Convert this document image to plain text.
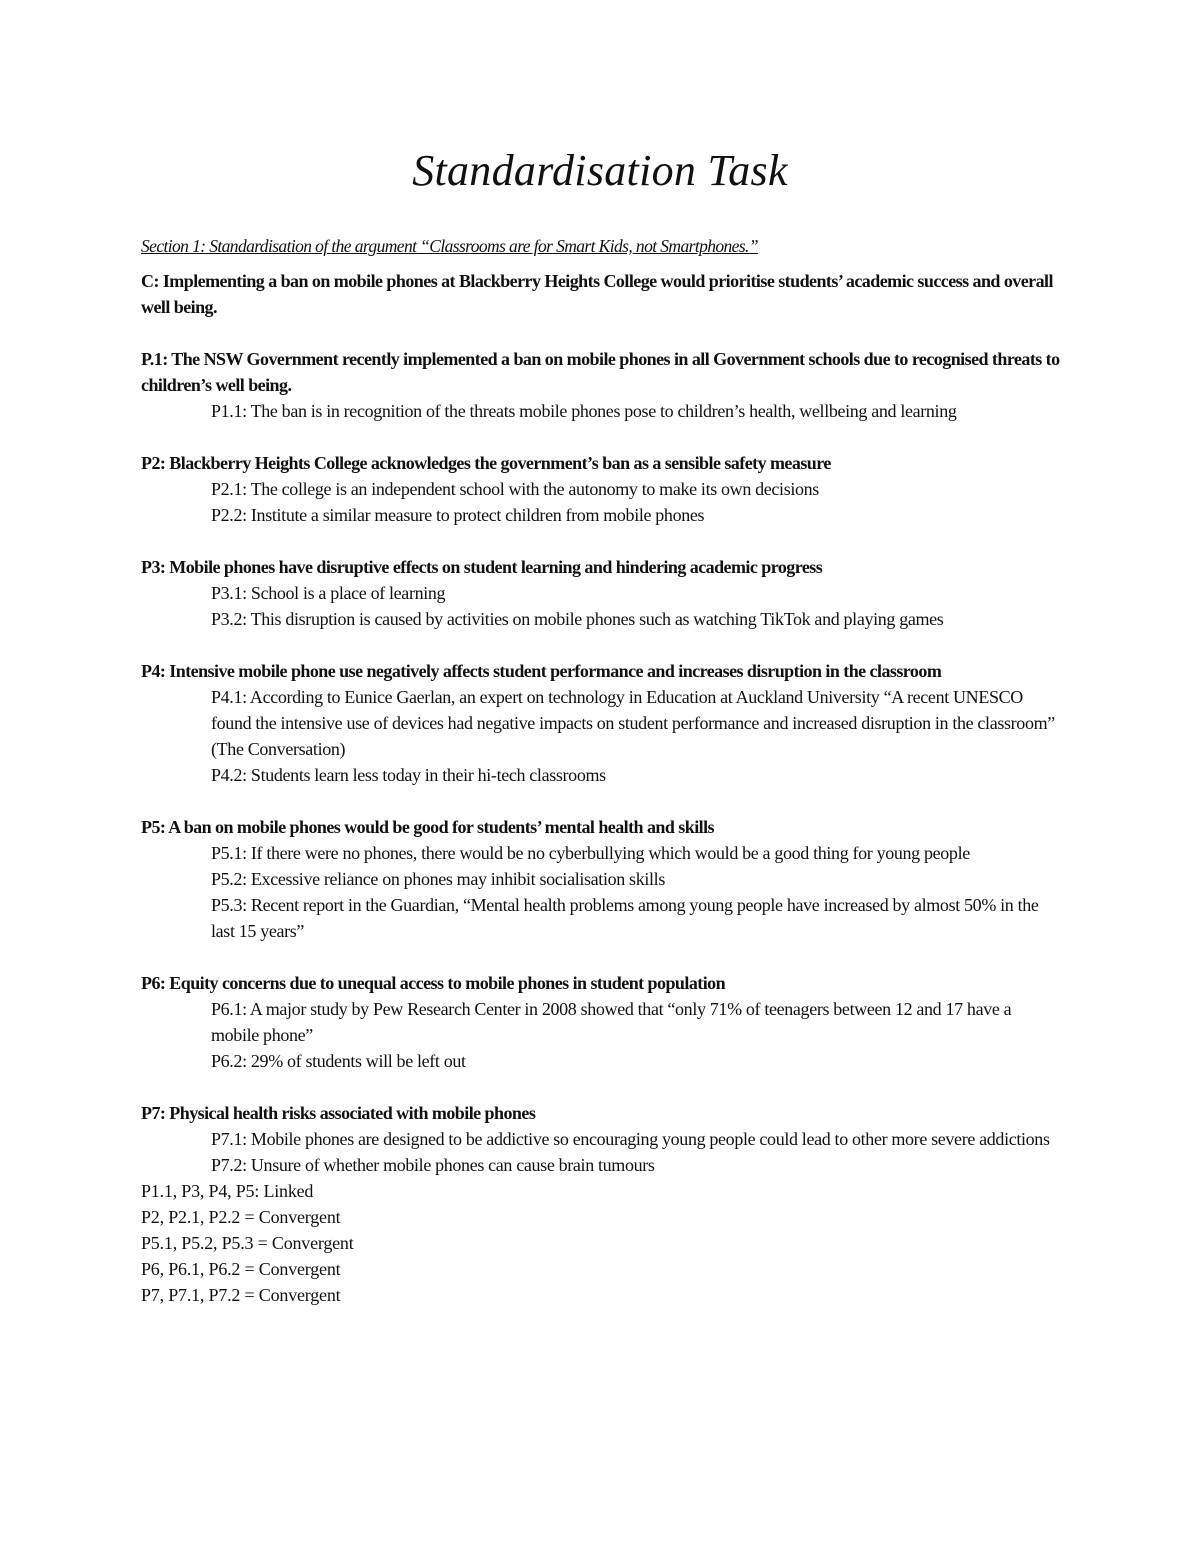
Standardisation Task
Section 1: Standardisation of the argument “Classrooms are for Smart Kids, not Smartphones.”

C: Implementing a ban on mobile phones at Blackberry Heights College would prioritise students’ academic success and overall well being.

P.1: The NSW Government recently implemented a ban on mobile phones in all Government schools due to recognised threats to children’s well being.

P1.1: The ban is in recognition of the threats mobile phones pose to children’s health, wellbeing and learning

P2: Blackberry Heights College acknowledges the government’s ban as a sensible safety measure

P2.1: The college is an independent school with the autonomy to make its own decisions

P2.2: Institute a similar measure to protect children from mobile phones

P3: Mobile phones have disruptive effects on student learning and hindering academic progress

P3.1: School is a place of learning

P3.2: This disruption is caused by activities on mobile phones such as watching TikTok and playing games

P4: Intensive mobile phone use negatively affects student performance and increases disruption in the classroom

P4.1: According to Eunice Gaerlan, an expert on technology in Education at Auckland University “A recent UNESCO found the intensive use of devices had negative impacts on student performance and increased disruption in the classroom” (The Conversation)

P4.2: Students learn less today in their hi-tech classrooms

P5: A ban on mobile phones would be good for students’ mental health and skills

P5.1: If there were no phones, there would be no cyberbullying which would be a good thing for young people

P5.2: Excessive reliance on phones may inhibit socialisation skills

P5.3: Recent report in the Guardian, “Mental health problems among young people have increased by almost 50% in the last 15 years”

P6: Equity concerns due to unequal access to mobile phones in student population

P6.1: A major study by Pew Research Center in 2008 showed that “only 71% of teenagers between 12 and 17 have a mobile phone”

P6.2: 29% of students will be left out

P7: Physical health risks associated with mobile phones

P7.1: Mobile phones are designed to be addictive so encouraging young people could lead to other more severe addictions

P7.2: Unsure of whether mobile phones can cause brain tumours

P1.1, P3, P4, P5: Linked

P2, P2.1, P2.2 = Convergent

P5.1, P5.2, P5.3 = Convergent

P6, P6.1, P6.2 = Convergent

P7, P7.1, P7.2 = Convergent
